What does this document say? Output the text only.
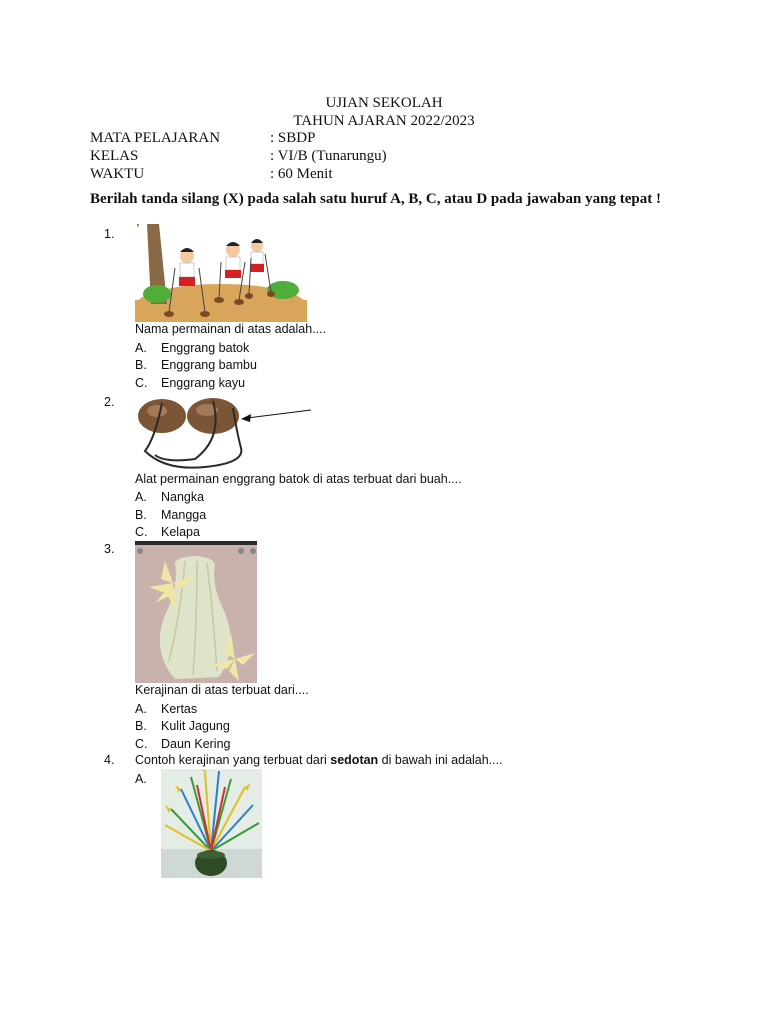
UJIAN SEKOLAH
TAHUN AJARAN 2022/2023
MATA PELAJARAN	: SBDP
KELAS	: VI/B (Tunarungu)
WAKTU	: 60 Menit
Berilah tanda silang (X) pada salah satu huruf A, B, C, atau D pada jawaban yang tepat !
1.
Nama permainan di atas adalah....
A. Enggrang batok
B. Enggrang bambu
C. Enggrang kayu
2.
Alat permainan enggrang batok di atas terbuat dari buah....
A. Nangka
B. Mangga
C. Kelapa
3.
Kerajinan di atas terbuat dari....
A. Kertas
B. Kulit Jagung
C. Daun Kering
4. Contoh kerajinan yang terbuat dari sedotan di bawah ini adalah....
A.
